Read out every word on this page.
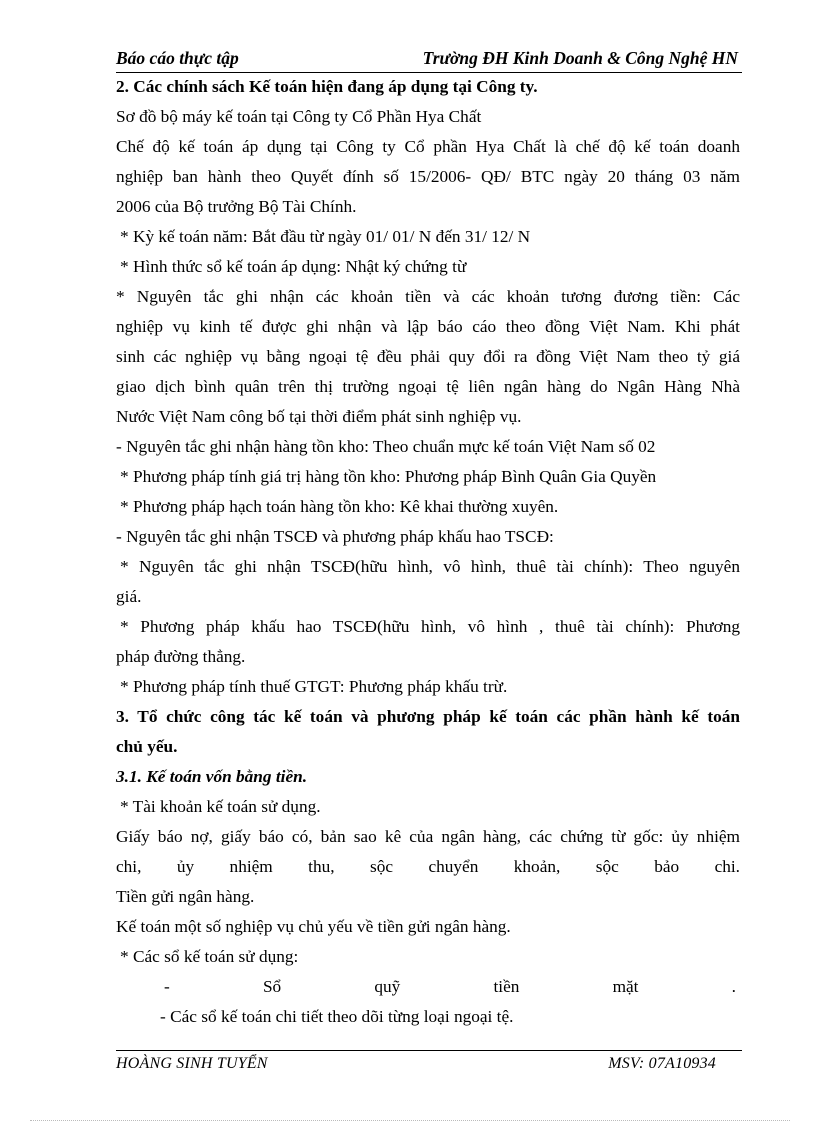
Báo cáo thực tập	Trường ĐH Kinh Doanh & Công Nghệ HN
2. Các chính sách Kế toán hiện đang áp dụng tại Công ty.
Sơ đồ bộ máy kế toán tại Công ty Cổ Phần Hya Chất
Chế độ kế toán áp dụng tại Công ty Cổ phần Hya Chất là chế độ kế toán doanh
nghiệp ban hành theo Quyết đính số 15/2006- QĐ/ BTC ngày 20 tháng 03 năm
2006 của Bộ trưởng Bộ Tài Chính.
* Kỳ kế toán năm: Bắt đầu từ ngày 01/ 01/ N đến 31/ 12/ N
* Hình thức sổ kế toán áp dụng: Nhật ký chứng từ
* Nguyên tắc ghi nhận các khoản tiền và các khoản tương đương tiền: Các
nghiệp vụ kinh tế được ghi nhận và lập báo cáo theo đồng Việt Nam. Khi phát
sinh các nghiệp vụ bằng ngoại tệ đều phải quy đổi ra đồng Việt Nam theo tỷ giá
giao dịch bình quân trên thị trường ngoại tệ liên ngân hàng do Ngân Hàng Nhà
Nước Việt Nam công bố tại thời điểm phát sinh nghiệp vụ.
- Nguyên tắc ghi nhận hàng tồn kho: Theo chuẩn mực kế toán Việt Nam số 02
* Phương pháp tính giá trị hàng tồn kho: Phương pháp Bình Quân Gia Quyền
* Phương pháp hạch toán hàng tồn kho: Kê khai thường xuyên.
- Nguyên tắc ghi nhận TSCĐ và phương pháp khấu hao TSCĐ:
* Nguyên tắc ghi nhận TSCĐ(hữu hình, vô hình, thuê tài chính): Theo nguyên
giá.
* Phương pháp khấu hao TSCĐ(hữu hình, vô hình , thuê tài chính): Phương
pháp đường thẳng.
* Phương pháp tính thuế GTGT: Phương pháp khấu trừ.
3. Tổ chức công tác kế toán và phương pháp kế toán các phần hành kế toán
chủ yếu.
3.1. Kế toán vốn bằng tiền.
* Tài khoản kế toán sử dụng.
Giấy báo nợ, giấy báo có, bản sao kê của ngân hàng, các chứng từ gốc: ủy nhiệm
chi, ủy nhiệm thu, sộc chuyển khoản, sộc bảo chi.
Tiền gửi ngân hàng.
Kế toán một số nghiệp vụ chủ yếu về tiền gửi ngân hàng.
* Các sổ kế toán sử dụng:
-	Sổ	quỹ	tiền	mặt	.
- Các sổ kế toán chi tiết theo dõi từng loại ngoại tệ.
HOÀNG SINH TUYỂN	MSV: 07A10934
